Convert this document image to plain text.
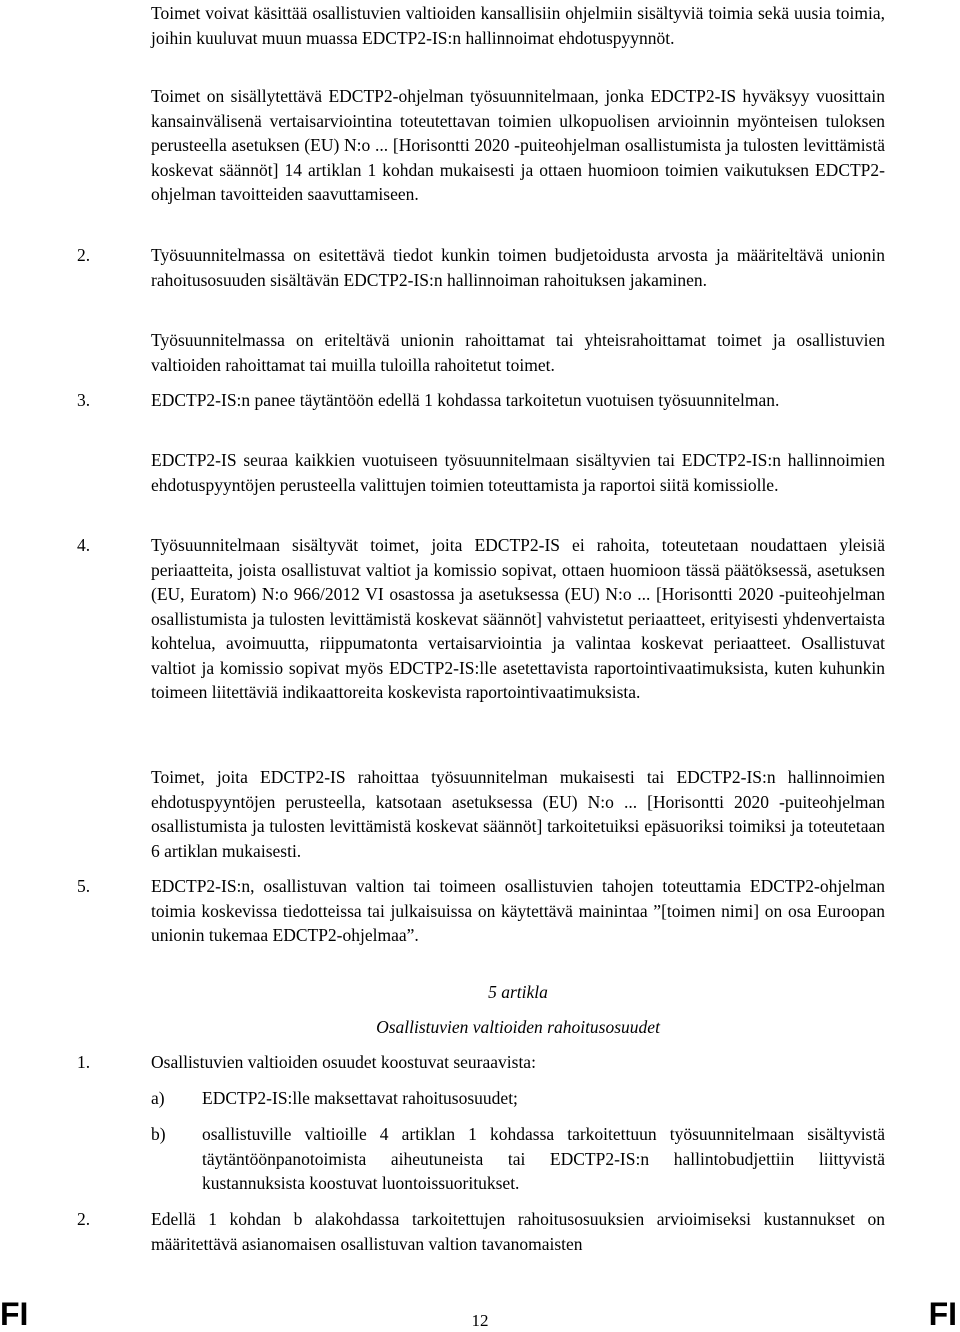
Toimet voivat käsittää osallistuvien valtioiden kansallisiin ohjelmiin sisältyviä toimia sekä uusia toimia, joihin kuuluvat muun muassa EDCTP2-IS:n hallinnoimat ehdotuspyynnöt.

Toimet on sisällytettävä EDCTP2-ohjelman työsuunnitelmaan, jonka EDCTP2-IS hyväksyy vuosittain kansainvälisenä vertaisarviointina toteutettavan toimien ulkopuolisen arvioinnin myönteisen tuloksen perusteella asetuksen (EU) N:o ... [Horisontti 2020 -puiteohjelman osallistumista ja tulosten levittämistä koskevat säännöt] 14 artiklan 1 kohdan mukaisesti ja ottaen huomioon toimien vaikutuksen EDCTP2-ohjelman tavoitteiden saavuttamiseen.

2.	Työsuunnitelmassa on esitettävä tiedot kunkin toimen budjetoidusta arvosta ja määriteltävä unionin rahoitusosuuden sisältävän EDCTP2-IS:n hallinnoiman rahoituksen jakaminen.

Työsuunnitelmassa on eriteltävä unionin rahoittamat tai yhteisrahoittamat toimet ja osallistuvien valtioiden rahoittamat tai muilla tuloilla rahoitetut toimet.

3.	EDCTP2-IS:n panee täytäntöön edellä 1 kohdassa tarkoitetun vuotuisen työsuunnitelman.

EDCTP2-IS seuraa kaikkien vuotuiseen työsuunnitelmaan sisältyvien tai EDCTP2-IS:n hallinnoimien ehdotuspyyntöjen perusteella valittujen toimien toteuttamista ja raportoi siitä komissiolle.

4.	Työsuunnitelmaan sisältyvät toimet, joita EDCTP2-IS ei rahoita, toteutetaan noudattaen yleisiä periaatteita, joista osallistuvat valtiot ja komissio sopivat, ottaen huomioon tässä päätöksessä, asetuksen (EU, Euratom) N:o 966/2012 VI osastossa ja asetuksessa (EU) N:o ... [Horisontti 2020 -puiteohjelman osallistumista ja tulosten levittämistä koskevat säännöt] vahvistetut periaatteet, erityisesti yhdenvertaista kohtelua, avoimuutta, riippumatonta vertaisarviointia ja valintaa koskevat periaatteet. Osallistuvat valtiot ja komissio sopivat myös EDCTP2-IS:lle asetettavista raportointivaatimuksista, kuten kuhunkin toimeen liitettäviä indikaattoreita koskevista raportointivaatimuksista.

Toimet, joita EDCTP2-IS rahoittaa työsuunnitelman mukaisesti tai EDCTP2-IS:n hallinnoimien ehdotuspyyntöjen perusteella, katsotaan asetuksessa (EU) N:o ... [Horisontti 2020 -puiteohjelman osallistumista ja tulosten levittämistä koskevat säännöt] tarkoitetuiksi epäsuoriksi toimiksi ja toteutetaan 6 artiklan mukaisesti.

5.	EDCTP2-IS:n, osallistuvan valtion tai toimeen osallistuvien tahojen toteuttamia EDCTP2-ohjelman toimia koskevissa tiedotteissa tai julkaisuissa on käytettävä mainintaa ”[toimen nimi] on osa Euroopan unionin tukemaa EDCTP2-ohjelmaa”.

5 artikla
Osallistuvien valtioiden rahoitusosuudet
1.	Osallistuvien valtioiden osuudet koostuvat seuraavista:

a) EDCTP2-IS:lle maksettavat rahoitusosuudet;

b) osallistuville valtioille 4 artiklan 1 kohdassa tarkoitettuun työsuunnitelmaan sisältyvistä täytäntöönpanotoimista aiheutuneista tai EDCTP2-IS:n hallintobudjettiin liittyvistä kustannuksista koostuvat luontoissuoritukset.

2.	Edellä 1 kohdan b alakohdassa tarkoitettujen rahoitusosuuksien arvioimiseksi kustannukset on määritettävä asianomaisen osallistuvan valtion tavanomaisten

FI	12	FI
